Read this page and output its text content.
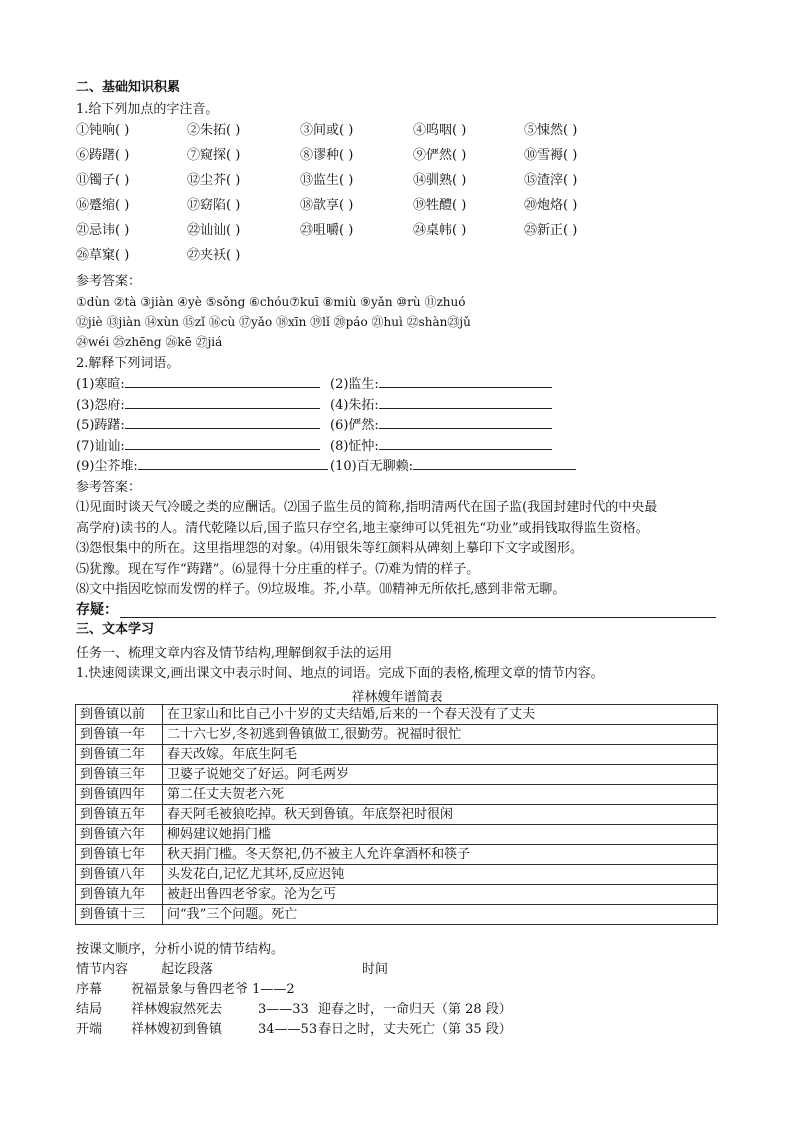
二、基础知识积累
1.给下列加点的字注音。
①钝响( )	②朱拓( )	③间或( )	④呜咽( )	⑤悚然( )
⑥踌躇( )	⑦窥探( )	⑧谬种( )	⑨俨然( )	⑩雪褥( )
⑪镯子( )	⑫尘芥( )	⑬监生( )	⑭驯熟( )	⑮渣滓( )
⑯蹙缩( )	⑰窈陷( )	⑱歆享( )	⑲牲醴( )	⑳炮烙( )
㉑忌讳( )	㉒讪讪( )	㉓咀嚼( )	㉔桌帏( )	㉕新正( )
㉖草窠( )	㉗夹袄( )
参考答案：
①dùn ②tà ③jiàn ④yè ⑤sǒng ⑥chóu⑦kuī ⑧miù ⑨yǎn ⑩rù ⑪zhuó
⑫jiè ⑬jiàn ⑭xùn ⑮zǐ ⑯cù ⑰yǎo ⑱xīn ⑲lǐ ⑳páo ㉑huì ㉒shàn㉓jǔ
㉔wéi ㉕zhēng ㉖kē ㉗jiá
2.解释下列词语。
(1)寒暄:	(2)监生:
(3)怨府:	(4)朱拓:
(5)踌躇:	(6)俨然:
(7)讪讪:	(8)怔忡:
(9)尘芥堆:	(10)百无聊赖:
参考答案：
⑴见面时谈天气冷暖之类的应酬话。⑵国子监生员的简称,指明清两代在国子监(我国封建时代的中央最
高学府)读书的人。清代乾隆以后,国子监只存空名,地主豪绅可以凭祖先“功业”或捐钱取得监生资格。
⑶怨恨集中的所在。这里指埋怨的对象。⑷用银朱等红颜料从碑刻上摹印下文字或图形。
⑸犹豫。现在写作“踌躇”。⑹显得十分庄重的样子。⑺难为情的样子。
⑻文中指因吃惊而发愣的样子。⑼垃圾堆。芥,小草。⑽精神无所依托,感到非常无聊。
存疑：
三、文本学习
任务一、梳理文章内容及情节结构,理解倒叙手法的运用
1.快速阅读课文,画出课文中表示时间、地点的词语。完成下面的表格,梳理文章的情节内容。
祥林嫂年谱简表
到鲁镇以前	在卫家山和比自己小十岁的丈夫结婚,后来的一个春天没有了丈夫
到鲁镇一年	二十六七岁,冬初逃到鲁镇做工,很勤劳。祝福时很忙
到鲁镇二年	春天改嫁。年底生阿毛
到鲁镇三年	卫婆子说她交了好运。阿毛两岁
到鲁镇四年	第二任丈夫贺老六死
到鲁镇五年	春天阿毛被狼吃掉。秋天到鲁镇。年底祭祀时很闲
到鲁镇六年	柳妈建议她捐门槛
到鲁镇七年	秋天捐门槛。冬天祭祀,仍不被主人允许拿酒杯和筷子
到鲁镇八年	头发花白,记忆尤其坏,反应迟钝
到鲁镇九年	被赶出鲁四老爷家。沦为乞丐
到鲁镇十三	问“我”三个问题。死亡
按课文顺序，分析小说的情节结构。
情节内容	起讫段落	时间
序幕 祝福景象与鲁四老爷 1——2
结局 祥林嫂寂然死去	3——33 迎春之时，一命归天（第 28 段）
开端 祥林嫂初到鲁镇	34——53 春日之时，丈夫死亡（第 35 段）
